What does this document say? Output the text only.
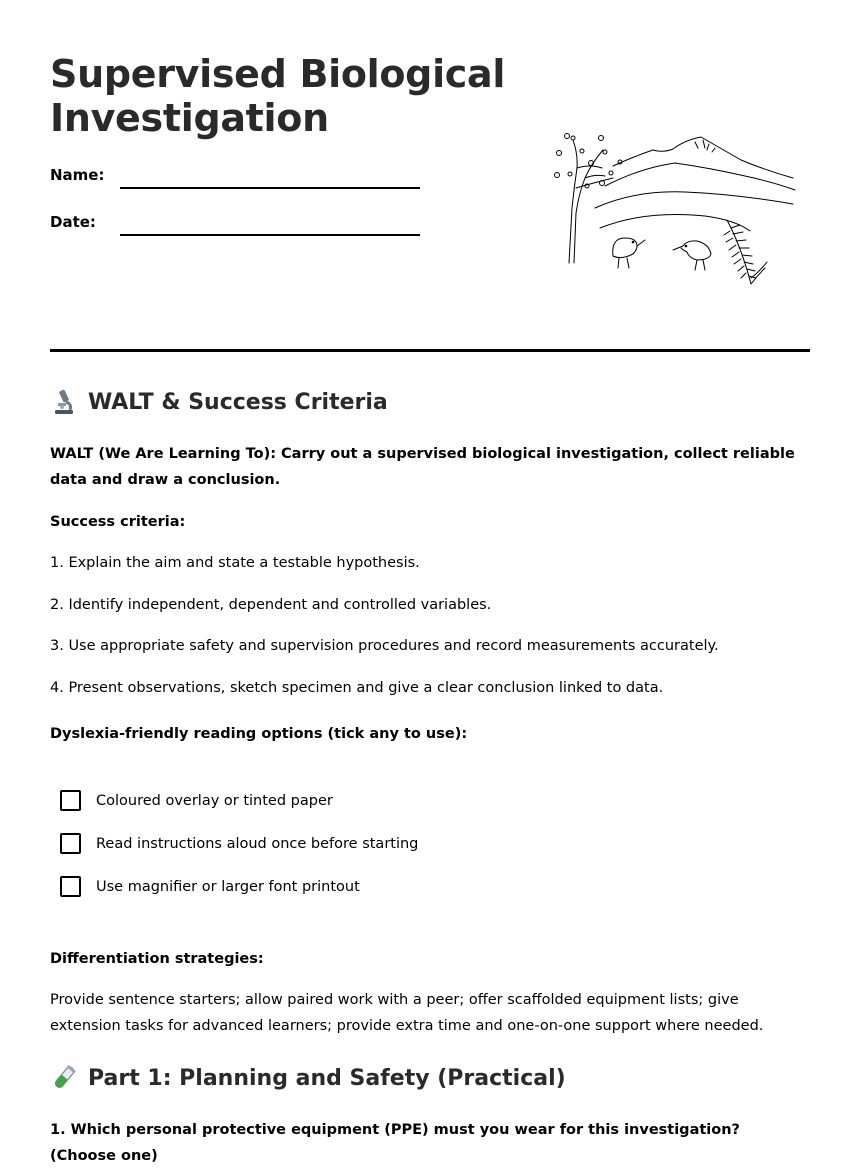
Supervised Biological
Investigation
Name:
Date:
WALT & Success Criteria
WALT (We Are Learning To): Carry out a supervised biological investigation, collect reliable data and draw a conclusion.
Success criteria:
1. Explain the aim and state a testable hypothesis.
2. Identify independent, dependent and controlled variables.
3. Use appropriate safety and supervision procedures and record measurements accurately.
4. Present observations, sketch specimen and give a clear conclusion linked to data.
Dyslexia-friendly reading options (tick any to use):
Coloured overlay or tinted paper
Read instructions aloud once before starting
Use magnifier or larger font printout
Differentiation strategies:
Provide sentence starters; allow paired work with a peer; offer scaffolded equipment lists; give extension tasks for advanced learners; provide extra time and one-on-one support where needed.
Part 1: Planning and Safety (Practical)
1. Which personal protective equipment (PPE) must you wear for this investigation? (Choose one)
